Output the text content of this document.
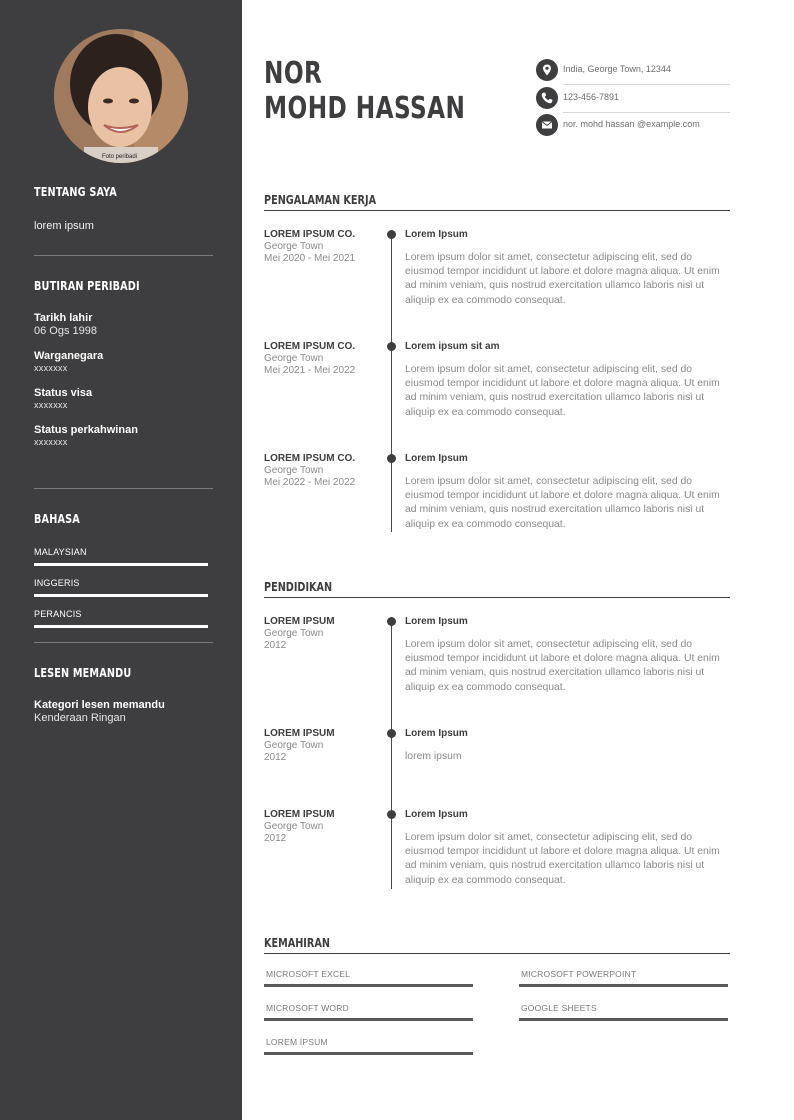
Foto peribadi
TENTANG SAYA
lorem ipsum
BUTIRAN PERIBADI
Tarikh lahir
06 Ogs 1998
Warganegara
xxxxxxx
Status visa
xxxxxxx
Status perkahwinan
xxxxxxx
BAHASA
MALAYSIAN
INGGERIS
PERANCIS
LESEN MEMANDU
Kategori lesen memandu
Kenderaan Ringan
NOR
MOHD HASSAN
India, George Town, 12344
123-456-7891
nor. mohd hassan @example.com
PENGALAMAN KERJA
LOREM IPSUM CO.
George Town
Mei 2020 - Mei 2021
Lorem Ipsum
Lorem ipsum dolor sit amet, consectetur adipiscing elit, sed do eiusmod tempor incididunt ut labore et dolore magna aliqua. Ut enim ad minim veniam, quis nostrud exercitation ullamco laboris nisi ut aliquip ex ea commodo consequat.
LOREM IPSUM CO.
George Town
Mei 2021 - Mei 2022
Lorem ipsum sit am
Lorem ipsum dolor sit amet, consectetur adipiscing elit, sed do eiusmod tempor incididunt ut labore et dolore magna aliqua. Ut enim ad minim veniam, quis nostrud exercitation ullamco laboris nisi ut aliquip ex ea commodo consequat.
LOREM IPSUM CO.
George Town
Mei 2022 - Mei 2022
Lorem Ipsum
Lorem ipsum dolor sit amet, consectetur adipiscing elit, sed do eiusmod tempor incididunt ut labore et dolore magna aliqua. Ut enim ad minim veniam, quis nostrud exercitation ullamco laboris nisi ut aliquip ex ea commodo consequat.
PENDIDIKAN
LOREM IPSUM
George Town
2012
Lorem Ipsum
Lorem ipsum dolor sit amet, consectetur adipiscing elit, sed do eiusmod tempor incididunt ut labore et dolore magna aliqua. Ut enim ad minim veniam, quis nostrud exercitation ullamco laboris nisi ut aliquip ex ea commodo consequat.
LOREM IPSUM
George Town
2012
Lorem Ipsum
lorem ipsum
LOREM IPSUM
George Town
2012
Lorem Ipsum
Lorem ipsum dolor sit amet, consectetur adipiscing elit, sed do eiusmod tempor incididunt ut labore et dolore magna aliqua. Ut enim ad minim veniam, quis nostrud exercitation ullamco laboris nisi ut aliquip ex ea commodo consequat.
KEMAHIRAN
MICROSOFT EXCEL	MICROSOFT POWERPOINT
MICROSOFT WORD	GOOGLE SHEETS
LOREM IPSUM
